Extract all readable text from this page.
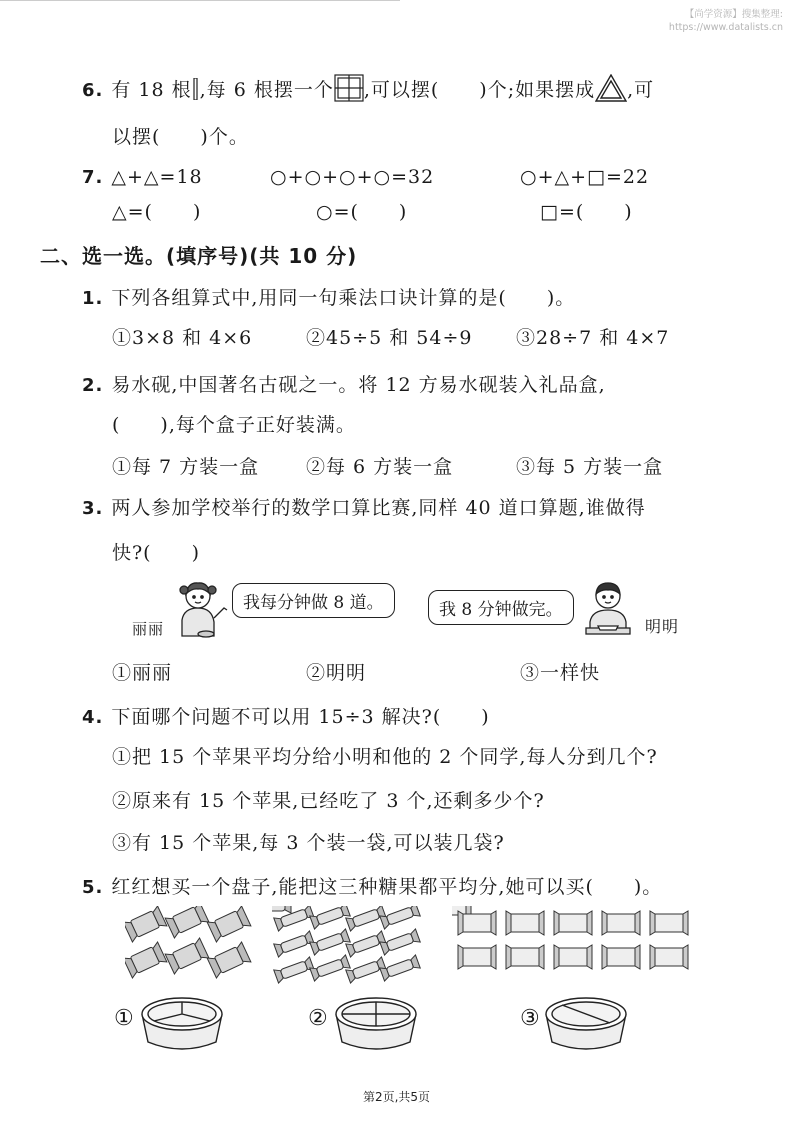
【尚学资源】搜集整理:
https://www.datalists.cn
6. 有 18 根 ,每 6 根摆一个 ,可以摆(　　)个;如果摆成 ,可
以摆(　　)个。
7. △+△=18	○+○+○+○=32	○+△+□=22
△=(　　)	○=(　　)	□=(　　)
二、选一选。(填序号)(共 10 分)
1. 下列各组算式中,用同一句乘法口诀计算的是(　　)。
①3×8 和 4×6	②45÷5 和 54÷9 ③28÷7 和 4×7
2. 易水砚,中国著名古砚之一。将 12 方易水砚装入礼品盒,
(　　),每个盒子正好装满。
①每 7 方装一盒 ②每 6 方装一盒	③每 5 方装一盒
3. 两人参加学校举行的数学口算比赛,同样 40 道口算题,谁做得
快?(　　)
丽丽
我每分钟做 8 道。	我 8 分钟做完。
明明
①丽丽	②明明	③一样快
4. 下面哪个问题不可以用 15÷3 解决?(　　)
①把 15 个苹果平均分给小明和他的 2 个同学,每人分到几个?
②原来有 15 个苹果,已经吃了 3 个,还剩多少个?
③有 15 个苹果,每 3 个装一袋,可以装几袋?
5. 红红想买一个盘子,能把这三种糖果都平均分,她可以买(　　)。
①	②	③
第2页,共5页
